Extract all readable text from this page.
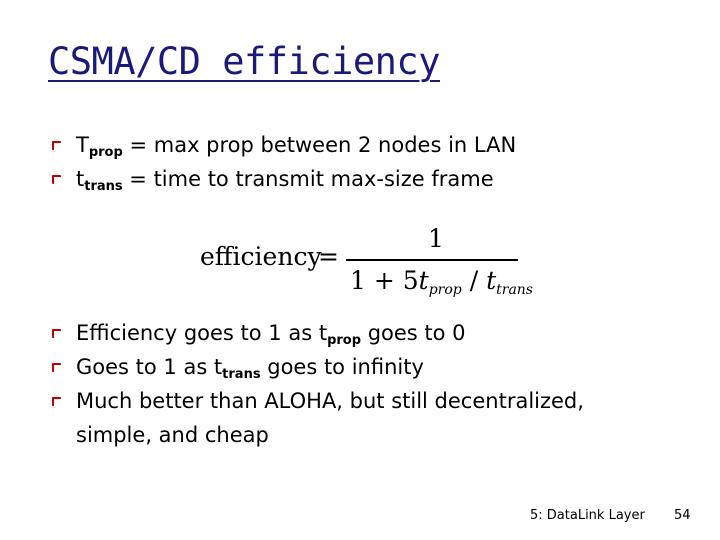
CSMA/CD efficiency
$T_{prop} = \max$ prop between 2 nodes in LAN
$t_{trans}$ = time to transmit max-size frame
efficiency
=
1
$1 + 5t_{prop} / t_{trans}$
Efficiency goes to 1 as $t_{prop}$ goes to 0
Goes to 1 as $t_{trans}$ goes to infinity
Much better than ALOHA, but still decentralized,
simple, and cheap
5: DataLink Layer 54
